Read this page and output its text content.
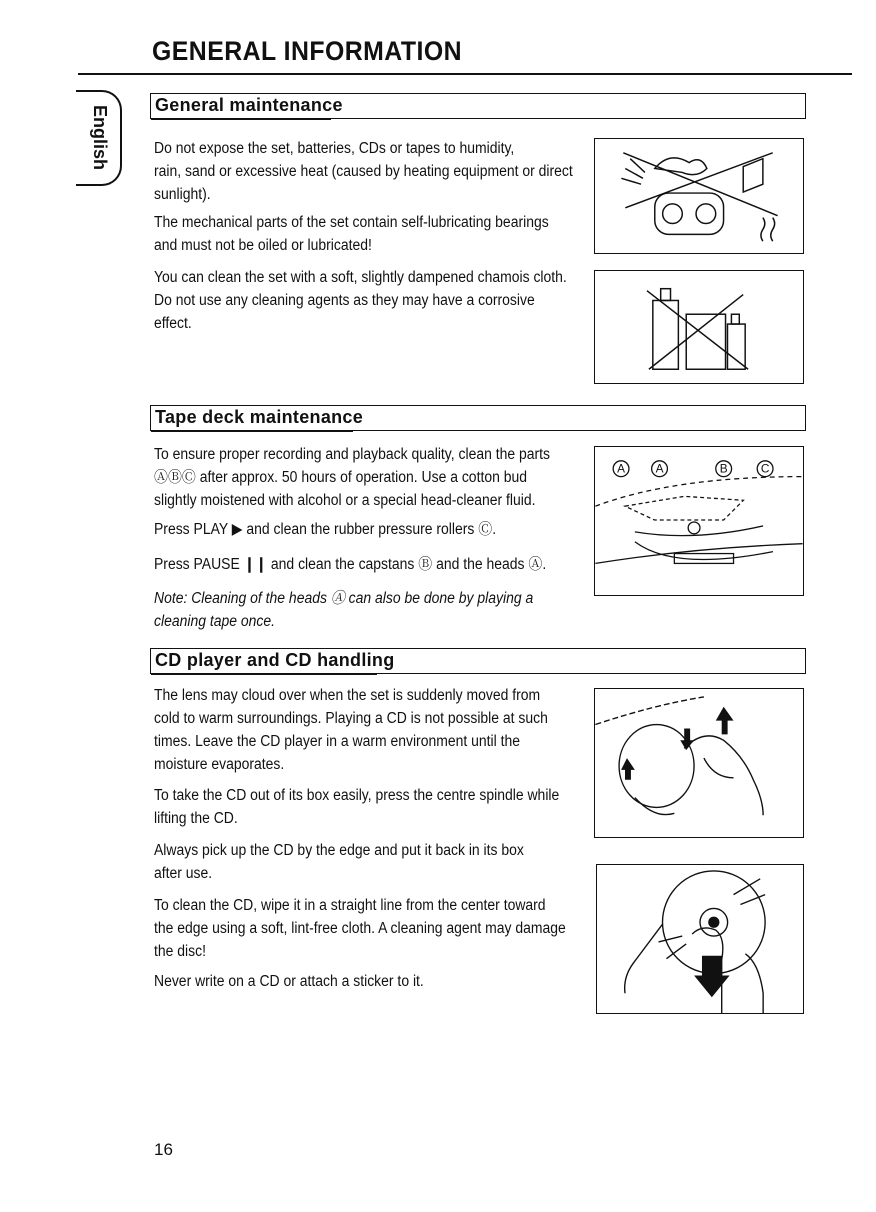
GENERAL INFORMATION
English	General maintenance
Do not expose the set, batteries, CDs or tapes to humidity,
rain, sand or excessive heat (caused by heating equipment or direct
sunlight).
The mechanical parts of the set contain self-lubricating bearings
and must not be oiled or lubricated!
You can clean the set with a soft, slightly dampened chamois cloth.
Do not use any cleaning agents as they may have a corrosive
effect.
Tape deck maintenance
To ensure proper recording and playback quality, clean the parts
ⒶⒷⒸ after approx. 50 hours of operation. Use a cotton bud
slightly moistened with alcohol or a special head-cleaner fluid.
Press PLAY ▶ and clean the rubber pressure rollers Ⓒ.
Press PAUSE ❙❙ and clean the capstans Ⓑ and the heads Ⓐ.
Note: Cleaning of the heads Ⓐ can also be done by playing a
cleaning tape once.
A	A	B	C
CD player and CD handling
The lens may cloud over when the set is suddenly moved from
cold to warm surroundings. Playing a CD is not possible at such
times. Leave the CD player in a warm environment until the
moisture evaporates.
To take the CD out of its box easily, press the centre spindle while
lifting the CD.
Always pick up the CD by the edge and put it back in its box
after use.
To clean the CD, wipe it in a straight line from the center toward
the edge using a soft, lint-free cloth. A cleaning agent may damage
the disc!
Never write on a CD or attach a sticker to it.
16
